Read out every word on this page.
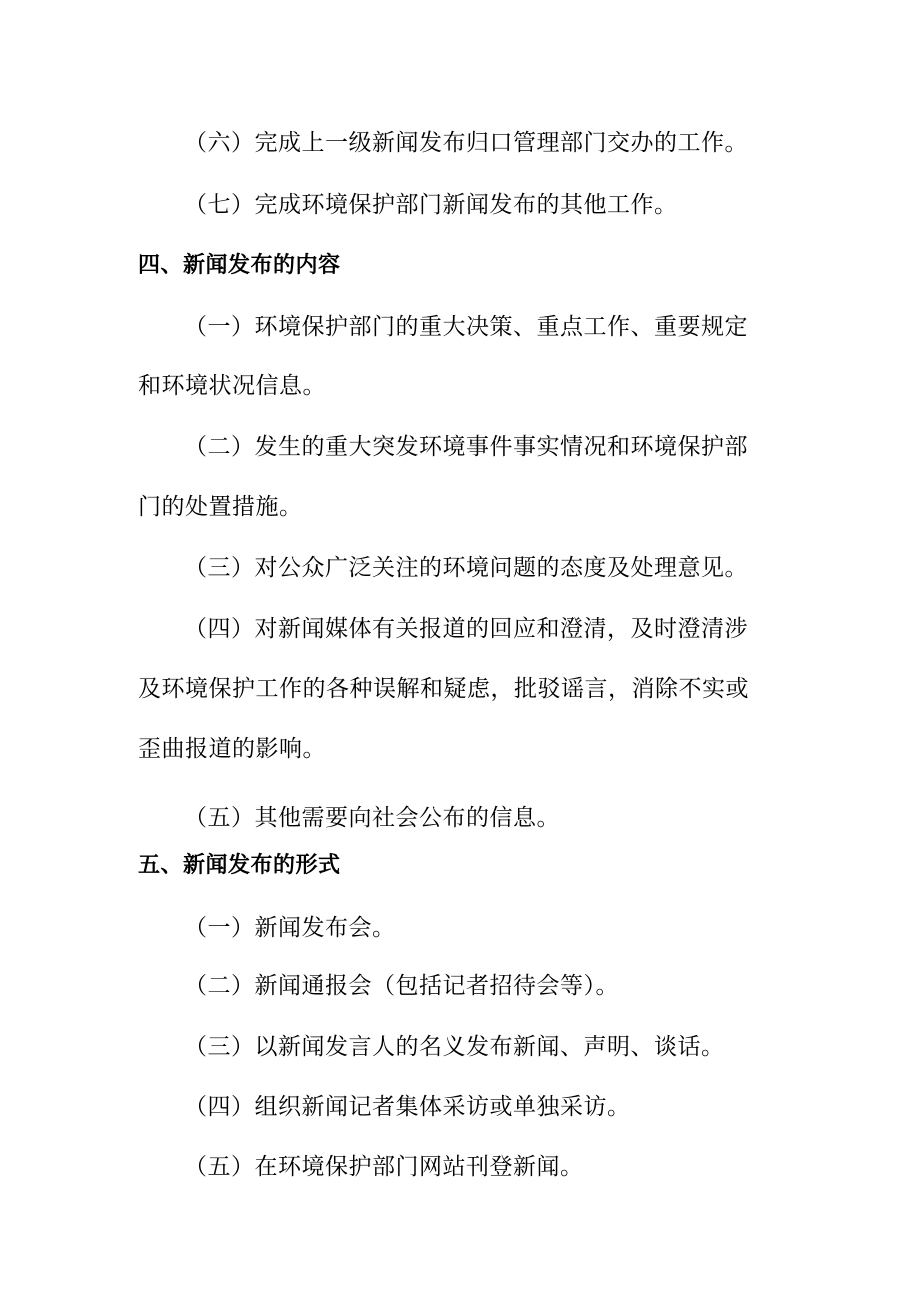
（六）完成上一级新闻发布归口管理部门交办的工作。
（七）完成环境保护部门新闻发布的其他工作。
四、新闻发布的内容
（一）环境保护部门的重大决策、重点工作、重要规定
和环境状况信息。
（二）发生的重大突发环境事件事实情况和环境保护部
门的处置措施。
（三）对公众广泛关注的环境问题的态度及处理意见。
（四）对新闻媒体有关报道的回应和澄清，及时澄清涉
及环境保护工作的各种误解和疑虑，批驳谣言，消除不实或
歪曲报道的影响。
（五）其他需要向社会公布的信息。
五、新闻发布的形式
（一）新闻发布会。
（二）新闻通报会（包括记者招待会等）。
（三）以新闻发言人的名义发布新闻、声明、谈话。
（四）组织新闻记者集体采访或单独采访。
（五）在环境保护部门网站刊登新闻。
